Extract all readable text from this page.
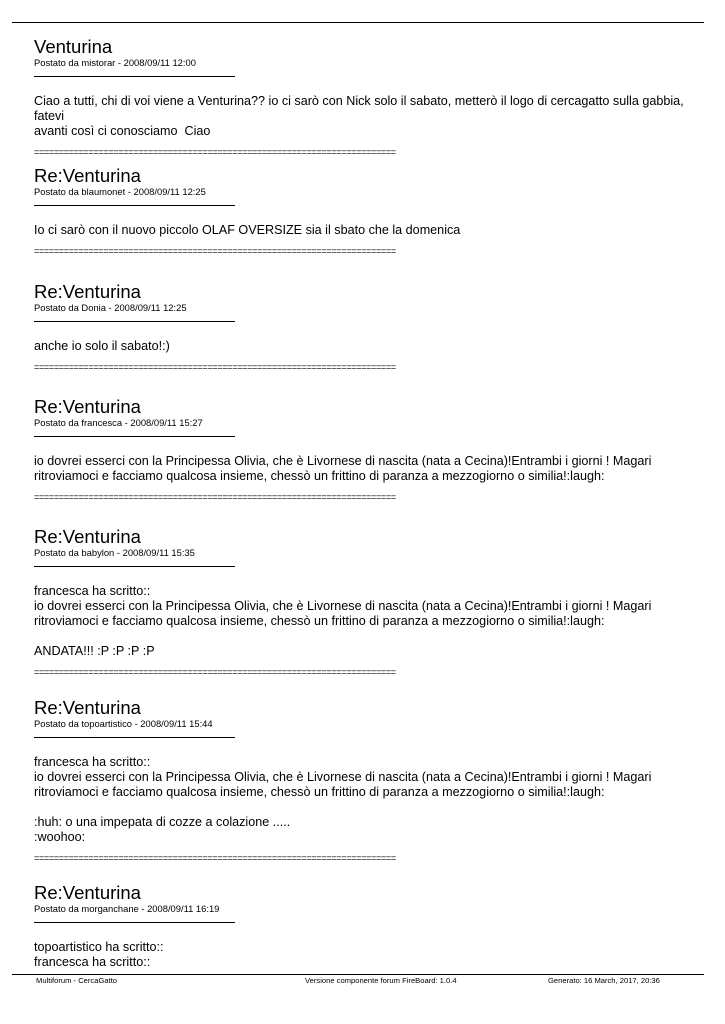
Venturina
Postato da mistorar - 2008/09/11 12:00

Ciao a tutti, chi di voi viene a Venturina?? io ci sarò con Nick solo il sabato, metterò il logo di cercagatto sulla gabbia, fatevi
avanti così ci conosciamo  Ciao

=========================================================================
Re:Venturina
Postato da blaumonet - 2008/09/11 12:25

Io ci sarò con il nuovo piccolo OLAF OVERSIZE sia il sbato che la domenica

=========================================================================
Re:Venturina
Postato da Donia - 2008/09/11 12:25

anche io solo il sabato!:)

=========================================================================
Re:Venturina
Postato da francesca - 2008/09/11 15:27

io dovrei esserci con la Principessa Olivia, che è Livornese di nascita (nata a Cecina)!Entrambi i giorni ! Magari
ritroviamoci e facciamo qualcosa insieme, chessò un frittino di paranza a mezzogiorno o similia!:laugh:

=========================================================================
Re:Venturina
Postato da babylon - 2008/09/11 15:35

francesca ha scritto::
io dovrei esserci con la Principessa Olivia, che è Livornese di nascita (nata a Cecina)!Entrambi i giorni ! Magari
ritroviamoci e facciamo qualcosa insieme, chessò un frittino di paranza a mezzogiorno o similia!:laugh:

ANDATA!!! :P :P :P :P

=========================================================================
Re:Venturina
Postato da topoartistico - 2008/09/11 15:44

francesca ha scritto::
io dovrei esserci con la Principessa Olivia, che è Livornese di nascita (nata a Cecina)!Entrambi i giorni ! Magari
ritroviamoci e facciamo qualcosa insieme, chessò un frittino di paranza a mezzogiorno o similia!:laugh:

:huh: o una impepata di cozze a colazione .....
:woohoo:

=========================================================================
Re:Venturina
Postato da morganchane - 2008/09/11 16:19

topoartistico ha scritto::
francesca ha scritto::

Multiforum - CercaGatto	Versione componente forum FireBoard: 1.0.4	Generato: 16 March, 2017, 20:36
